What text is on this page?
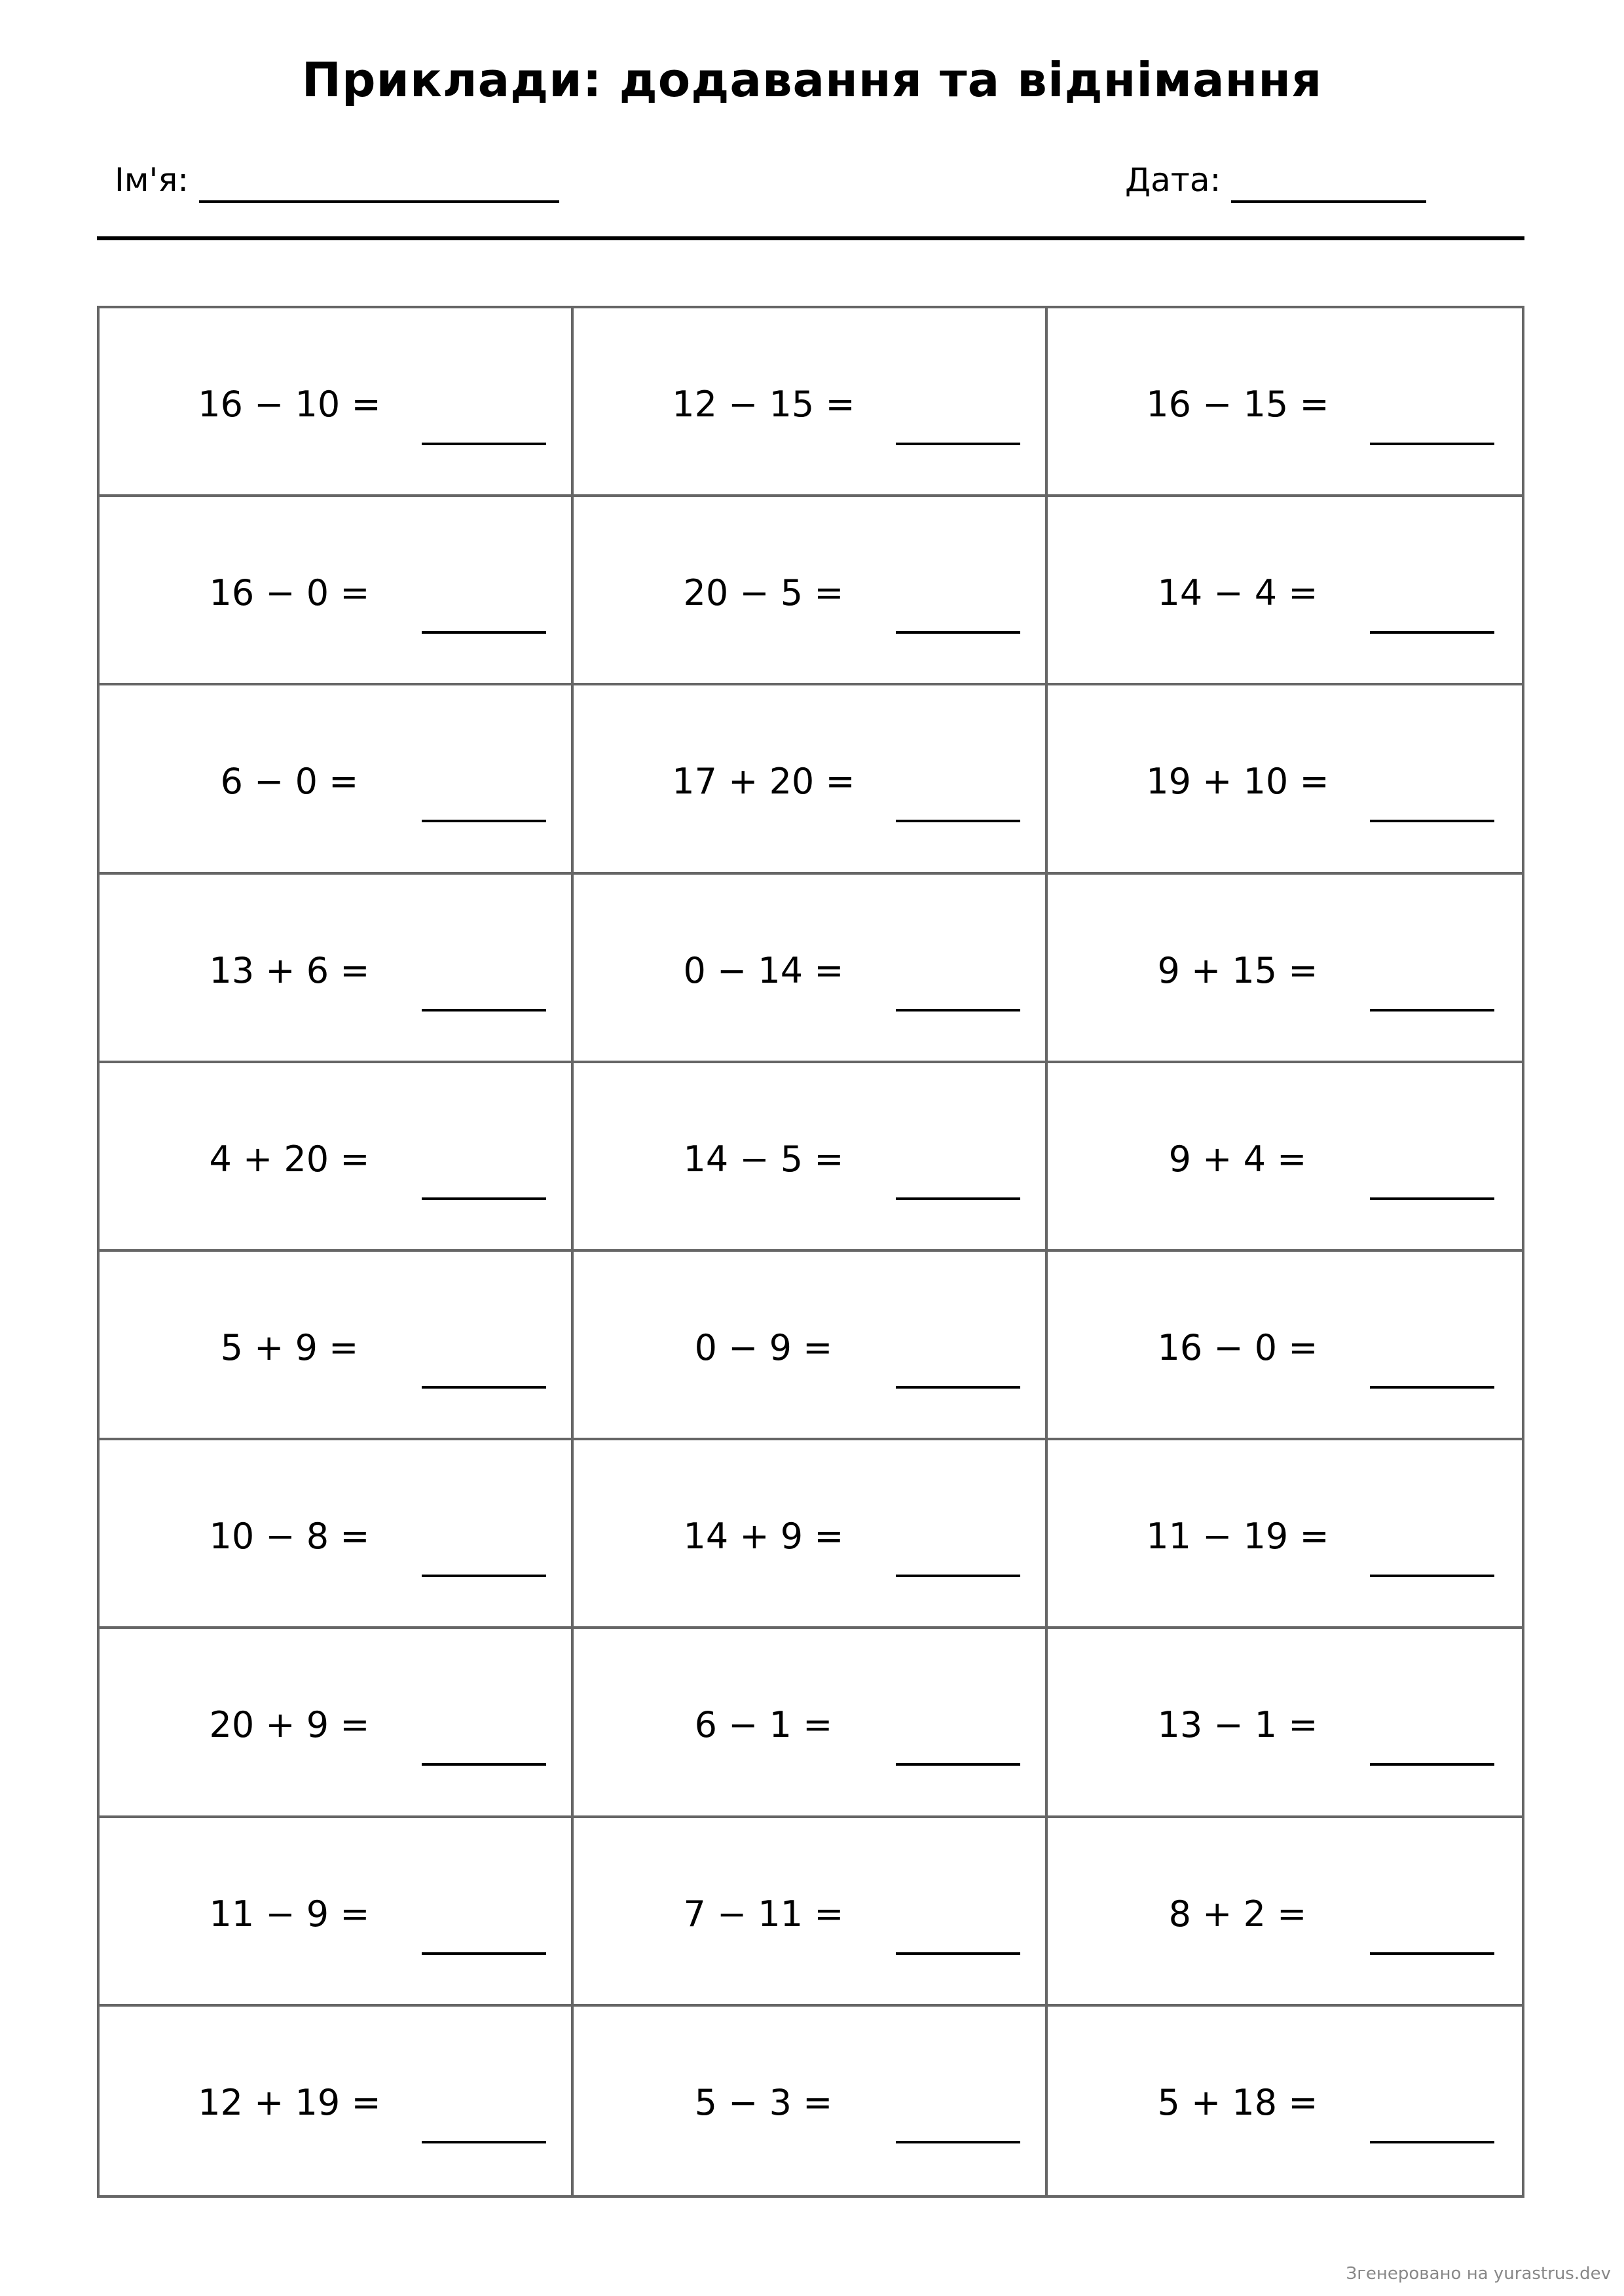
Приклади: додавання та віднімання
Ім'я:	Дата:
16 − 10 =	12 − 15 =	16 − 15 =
16 − 0 =	20 − 5 =	14 − 4 =
6 − 0 =	17 + 20 =	19 + 10 =
13 + 6 =	0 − 14 =	9 + 15 =
4 + 20 =	14 − 5 =	9 + 4 =
5 + 9 =	0 − 9 =	16 − 0 =
10 − 8 =	14 + 9 =	11 − 19 =
20 + 9 =	6 − 1 =	13 − 1 =
11 − 9 =	7 − 11 =	8 + 2 =
12 + 19 =	5 − 3 =	5 + 18 =
Згенеровано на yurastrus.dev
